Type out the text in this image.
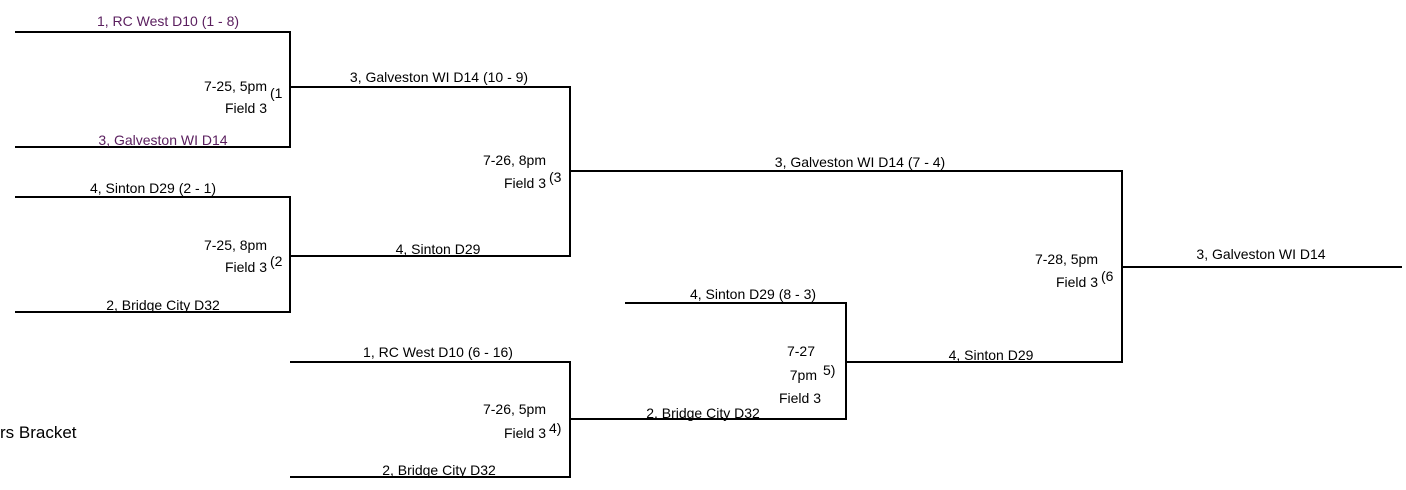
1, RC West D10 (1 - 8)
3, Galveston WI D14
7-25, 5pm
Field 3
(1
4, Sinton D29 (2 - 1)
2, Bridge City D32
7-25, 8pm
Field 3 (2
3, Galveston WI D14 (10 - 9)
4, Sinton D29
7-26, 8pm
Field 3 (3
1, RC West D10 (6 - 16)
2, Bridge City D32
7-26, 5pm
Field 3 4)
rs Bracket
4, Sinton D29 (8 - 3)
2, Bridge City D32
7-27
7pm
Field 3
5)
3, Galveston WI D14 (7 - 4)
4, Sinton D29
7-28, 5pm
Field 3 (6
3, Galveston WI D14
